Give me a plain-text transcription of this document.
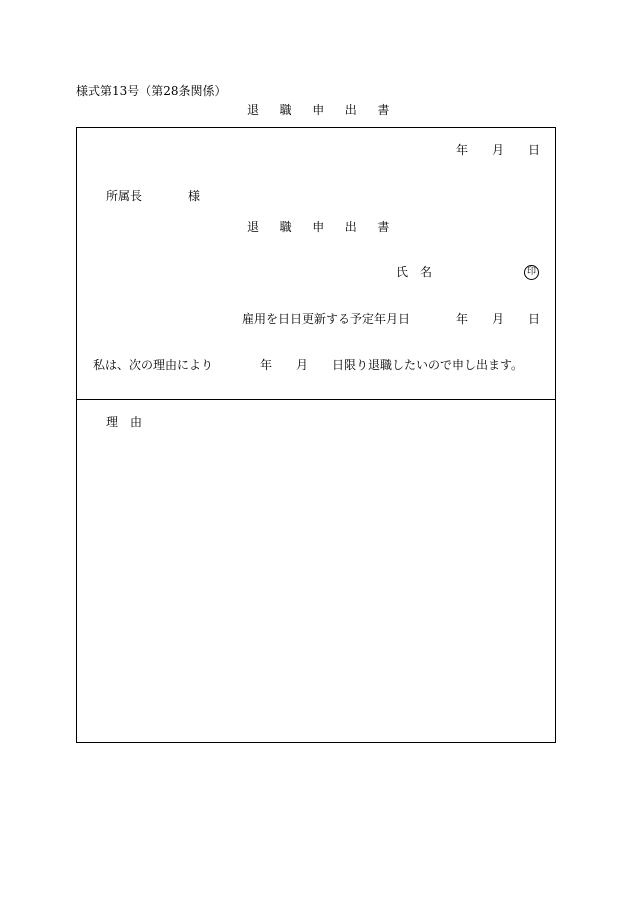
様式第13号（第28条関係）
退　職　申　出　書
年　　月　　日
所属長	様
退　職　申　出　書
氏　名	印
雇用を日日更新する予定年月日	年　　月　　日
私は、次の理由により	年 月 日限り退職したいので申し出ます。
理　由
